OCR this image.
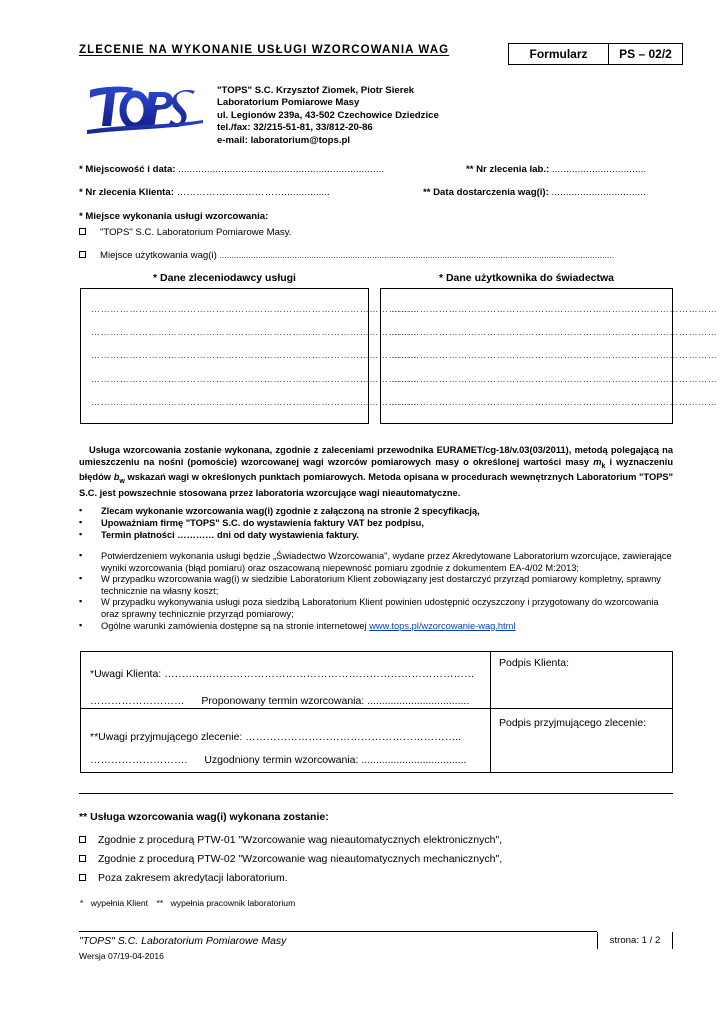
ZLECENIE NA WYKONANIE USŁUGI WZORCOWANIA WAG	Formularz	PS – 02/2
"TOPS" S.C. Krzysztof Ziomek, Piotr Sierek
Laboratorium Pomiarowe Masy
ul. Legionów 239a, 43-502 Czechowice Dziedzice
tel./fax: 32/215-51-81, 33/812-20-86
e-mail: laboratorium@tops.pl
* Miejscowość i data: ........................................................................	** Nr zlecenia lab.: .................................
* Nr zlecenia Klienta: ……………………………................	** Data dostarczenia wag(i): .................................
* Miejsce wykonania usługi wzorcowania:
"TOPS" S.C. Laboratorium Pomiarowe Masy.
Miejsce użytkowania wag(i) ...................................................................................................................................................................
* Dane zleceniodawcy usługi	* Dane użytkownika do świadectwa
…………………………………………………………………………………………
…………………………………………………………………………………………
…………………………………………………………………………………………
…………………………………………………………………………………………
…………………………………………………………………………………………
…………………………………………………………………………………………
…………………………………………………………………………………………
…………………………………………………………………………………………
…………………………………………………………………………………………
…………………………………………………………………………………………
Usługa wzorcowania zostanie wykonana, zgodnie z zaleceniami przewodnika EURAMET/cg-18/v.03(03/2011), metodą polegającą na umieszczeniu na nośni (pomoście) wzorcowanej wagi wzorców pomiarowych masy o określonej wartości masy $m_k$ i wyznaczeniu błędów $b_w$ wskazań wagi w określonych punktach pomiarowych. Metoda opisana w procedurach wewnętrznych Laboratorium "TOPS" S.C. jest powszechnie stosowana przez laboratoria wzorcujące wagi nieautomatyczne.
▪ Zlecam wykonanie wzorcowania wag(i) zgodnie z załączoną na stronie 2 specyfikacją,
▪ Upoważniam firmę "TOPS" S.C. do wystawienia faktury VAT bez podpisu,
▪ Termin płatności ………… dni od daty wystawienia faktury.
▪ Potwierdzeniem wykonania usługi będzie „Świadectwo Wzorcowania", wydane przez Akredytowane Laboratorium wzorcujące, zawierające wyniki wzorcowania (błąd pomiaru) oraz oszacowaną niepewność pomiaru zgodnie z dokumentem EA-4/02 M:2013;
▪ W przypadku wzorcowania wag(i) w siedzibie Laboratorium Klient zobowiązany jest dostarczyć przyrząd pomiarowy kompletny, sprawny technicznie na własny koszt;
▪ W przypadku wykonywania usługi poza siedzibą Laboratorium Klient powinien udostępnić oczyszczony i przygotowany do wzorcowania oraz sprawny technicznie przyrząd pomiarowy;
▪ Ogólne warunki zamówienia dostępne są na stronie internetowej www.tops.pl/wzorcowanie-wag.html
*Uwagi Klienta: …………..…………………………………………………………………
……………………… Proponowany termin wzorcowania: ...................................
Podpis Klienta:
**Uwagi przyjmującego zlecenie: ……………………………………………………..
………………………. Uzgodniony termin wzorcowania: ....................................
Podpis przyjmującego zlecenie:
** Usługa wzorcowania wag(i) wykonana zostanie:
Zgodnie z procedurą PTW-01 "Wzorcowanie wag nieautomatycznych elektronicznych",
Zgodnie z procedurą PTW-02 "Wzorcowanie wag nieautomatycznych mechanicznych",
Poza zakresem akredytacji laboratorium.
* wypełnia Klient ** wypełnia pracownik laboratorium
"TOPS" S.C. Laboratorium Pomiarowe Masy
Wersja 07/19-04-2016
strona: 1 / 2
